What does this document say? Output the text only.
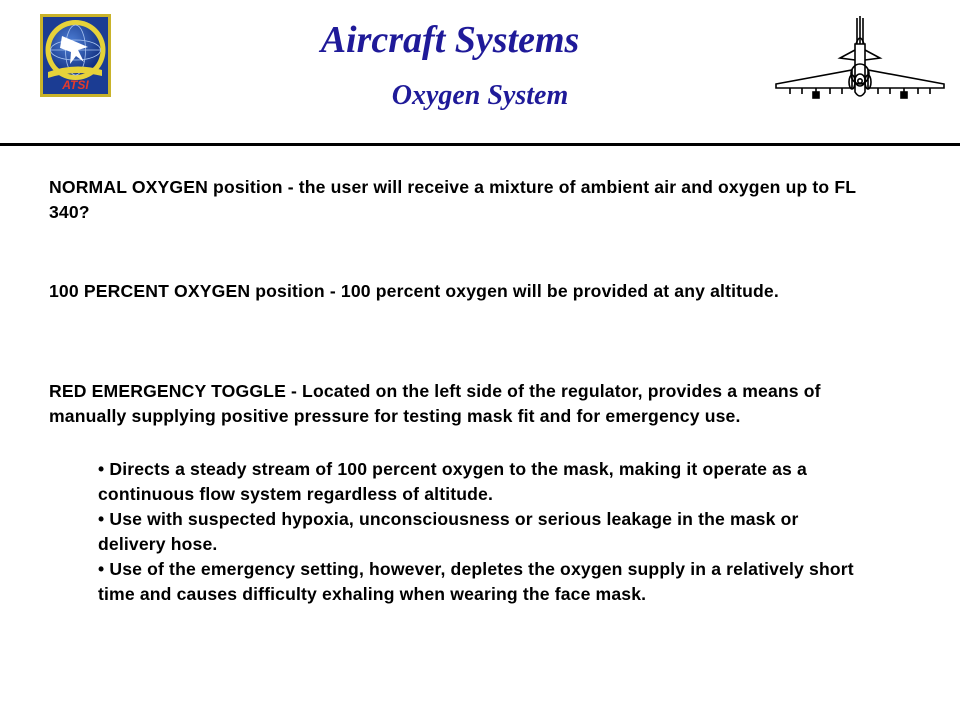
ATSI
Aircraft Systems
Oxygen System
NORMAL OXYGEN position - the user will receive a mixture of ambient air and oxygen up to FL 340?
100 PERCENT OXYGEN position - 100 percent oxygen will be provided at any altitude.
RED EMERGENCY TOGGLE - Located on the left side of the regulator, provides a means of manually supplying positive pressure for testing mask fit and for emergency use.

• Directs a steady stream of 100 percent oxygen to the mask, making it operate as a continuous flow system regardless of altitude.

• Use with suspected hypoxia, unconsciousness or serious leakage in the mask or delivery hose.

• Use of the emergency setting, however, depletes the oxygen supply in a relatively short time and causes difficulty exhaling when wearing the face mask.
